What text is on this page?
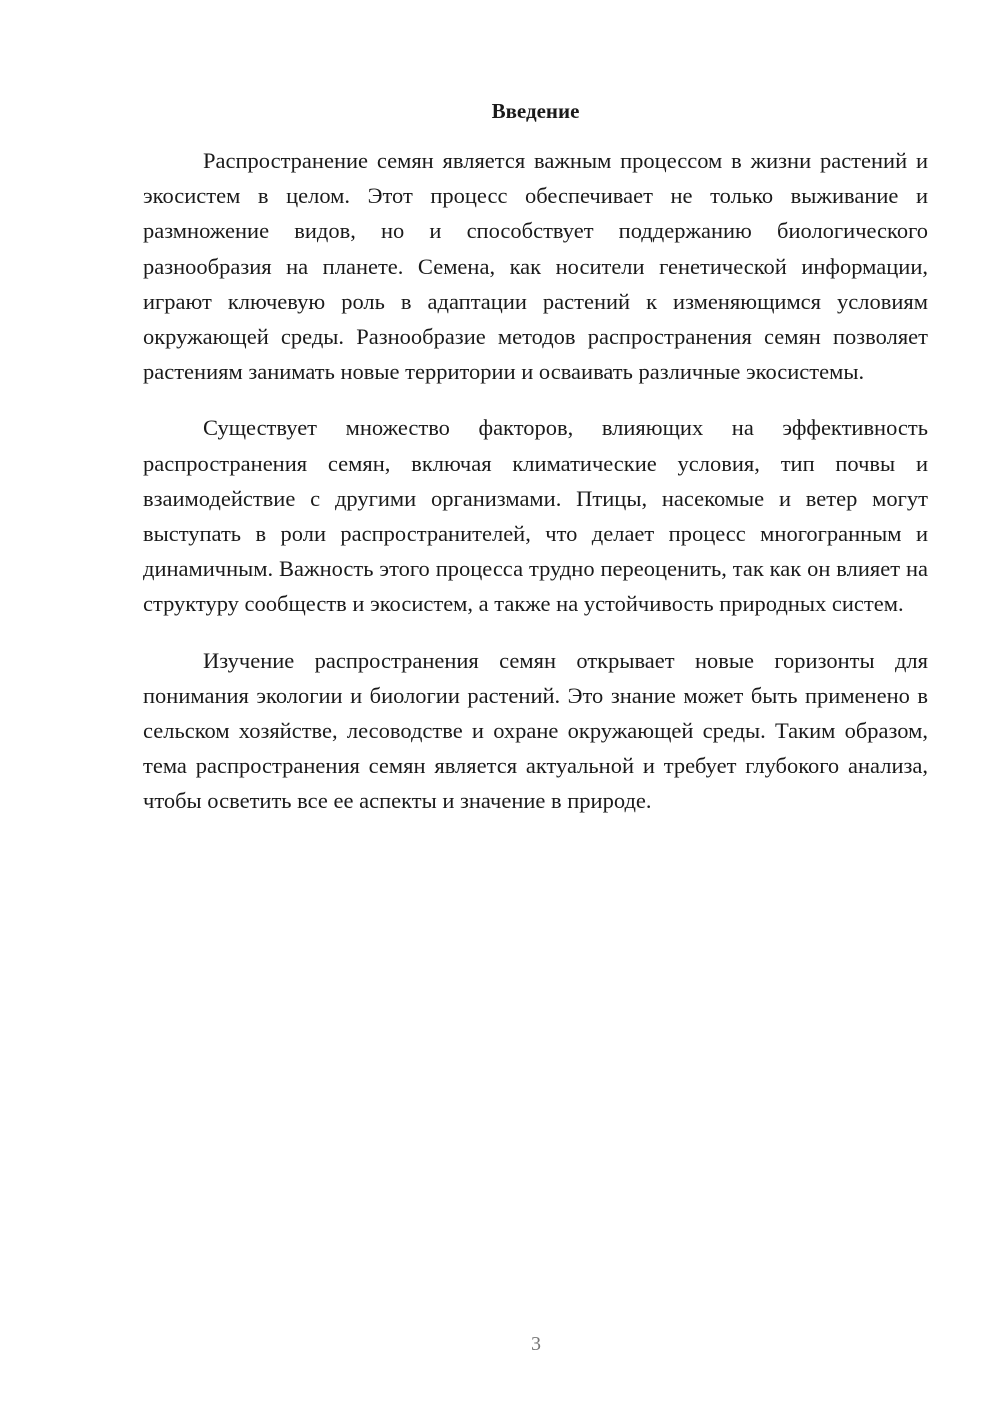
Введение

Распространение семян является важным процессом в жизни растений и экосистем в целом. Этот процесс обеспечивает не только выживание и размножение видов, но и способствует поддержанию биологического разнообразия на планете. Семена, как носители генетической информации, играют ключевую роль в адаптации растений к изменяющимся условиям окружающей среды. Разнообразие методов распространения семян позволяет растениям занимать новые территории и осваивать различные экосистемы.

Существует множество факторов, влияющих на эффективность распространения семян, включая климатические условия, тип почвы и взаимодействие с другими организмами. Птицы, насекомые и ветер могут выступать в роли распространителей, что делает процесс многогранным и динамичным. Важность этого процесса трудно переоценить, так как он влияет на структуру сообществ и экосистем, а также на устойчивость природных систем.

Изучение распространения семян открывает новые горизонты для понимания экологии и биологии растений. Это знание может быть применено в сельском хозяйстве, лесоводстве и охране окружающей среды. Таким образом, тема распространения семян является актуальной и требует глубокого анализа, чтобы осветить все ее аспекты и значение в природе.

3
